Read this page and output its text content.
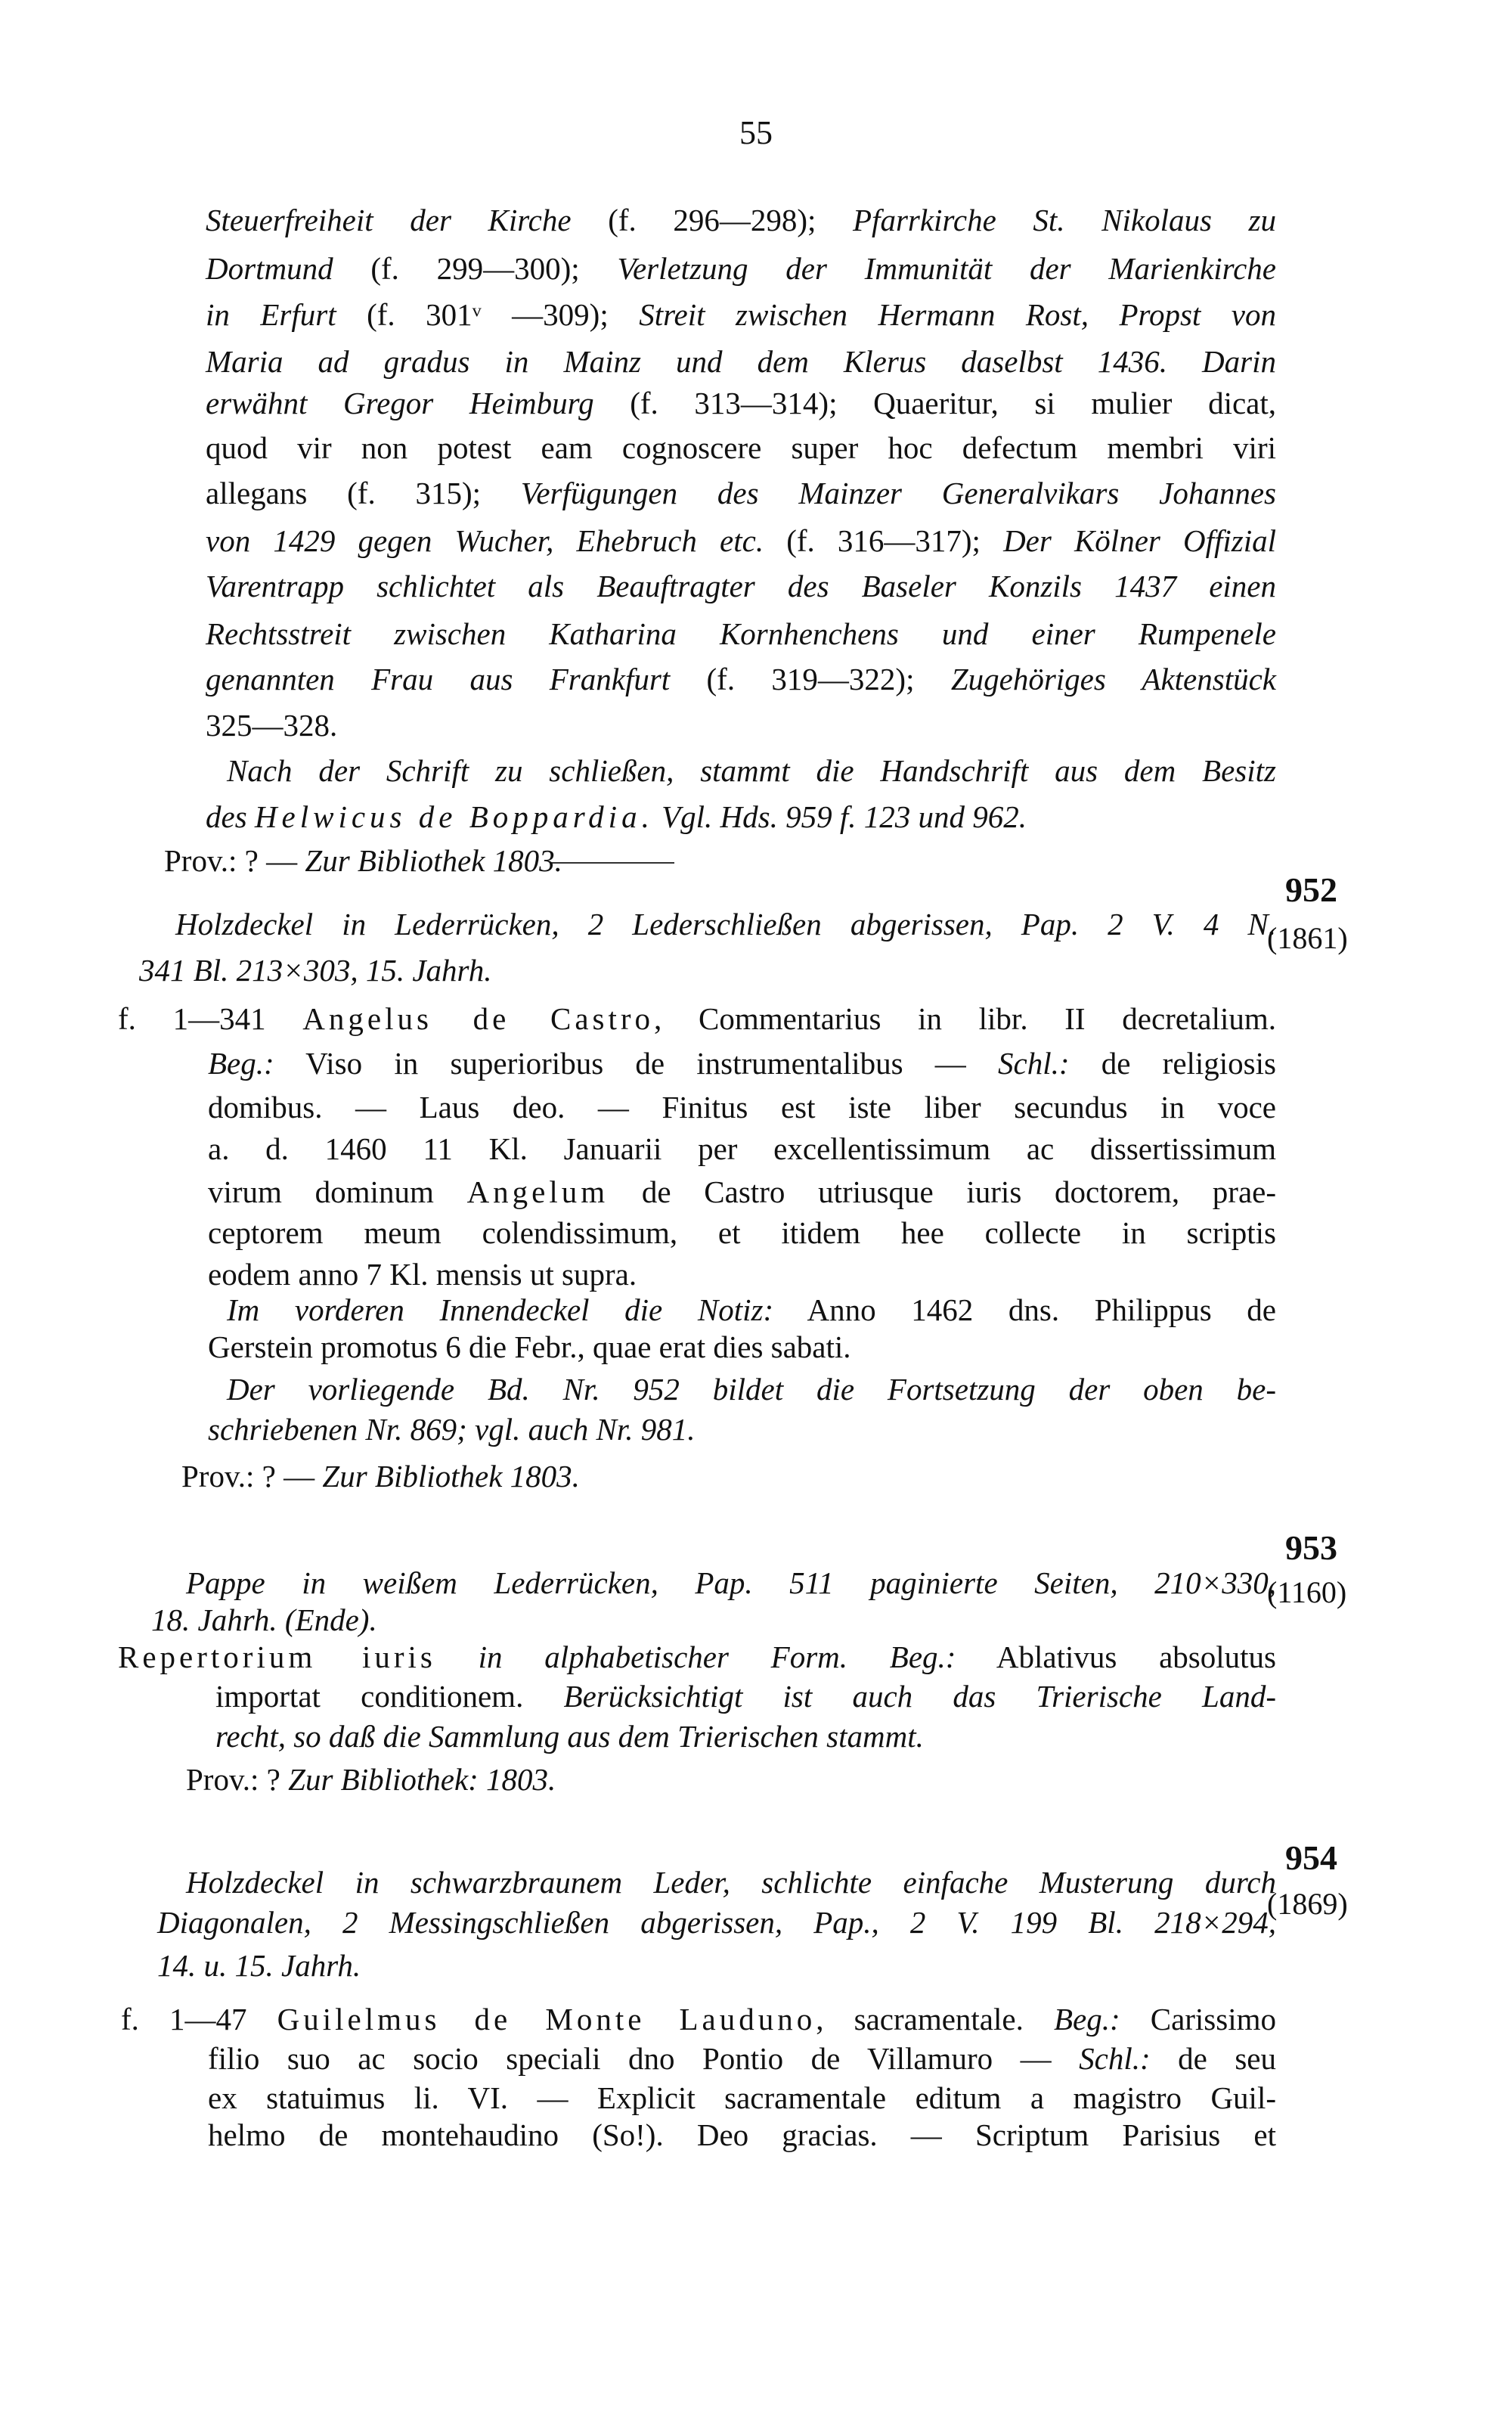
55
Steuerfreiheit der Kirche (f. 296—298); Pfarrkirche St. Nikolaus zu
Dortmund (f. 299—300); Verletzung der Immunität der Marienkirche
in Erfurt (f. 301ᵛ —309); Streit zwischen Hermann Rost, Propst von
Maria ad gradus in Mainz und dem Klerus daselbst 1436. Darin
erwähnt Gregor Heimburg (f. 313—314); Quaeritur, si mulier dicat,
quod vir non potest eam cognoscere super hoc defectum membri viri
allegans (f. 315); Verfügungen des Mainzer Generalvikars Johannes
von 1429 gegen Wucher, Ehebruch etc. (f. 316—317); Der Kölner Offizial
Varentrapp schlichtet als Beauftragter des Baseler Konzils 1437 einen
Rechtsstreit zwischen Katharina Kornhenchens und einer Rumpenele
genannten Frau aus Frankfurt (f. 319—322); Zugehöriges Aktenstück
325—328.
Nach der Schrift zu schließen, stammt die Handschrift aus dem Besitz
des Helwicus de Boppardia. Vgl. Hds. 959 f. 123 und 962.
Prov.: ? — Zur Bibliothek 1803.
Holzdeckel in Lederrücken, 2 Lederschließen abgerissen, Pap. 2 V. 4 N.
341 Bl. 213×303, 15. Jahrh.
f. 1—341 Angelus de Castro, Commentarius in libr. II decretalium.
Beg.: Viso in superioribus de instrumentalibus — Schl.: de religiosis
domibus. — Laus deo. — Finitus est iste liber secundus in voce
a. d. 1460 11 Kl. Januarii per excellentissimum ac dissertissimum
virum dominum Angelum de Castro utriusque iuris doctorem, prae-
ceptorem meum colendissimum, et itidem hee collecte in scriptis
eodem anno 7 Kl. mensis ut supra.
Im vorderen Innendeckel die Notiz: Anno 1462 dns. Philippus de
Gerstein promotus 6 die Febr., quae erat dies sabati.
Der vorliegende Bd. Nr. 952 bildet die Fortsetzung der oben be-
schriebenen Nr. 869; vgl. auch Nr. 981.
Prov.: ? — Zur Bibliothek 1803.
952
(1861)
Pappe in weißem Lederrücken, Pap. 511 paginierte Seiten, 210×330,
18. Jahrh. (Ende).
Repertorium iuris in alphabetischer Form. Beg.: Ablativus absolutus
importat conditionem. Berücksichtigt ist auch das Trierische Land-
recht, so daß die Sammlung aus dem Trierischen stammt.
Prov.: ? Zur Bibliothek: 1803.
953
(1160)
Holzdeckel in schwarzbraunem Leder, schlichte einfache Musterung durch
Diagonalen, 2 Messingschließen abgerissen, Pap., 2 V. 199 Bl. 218×294,
14. u. 15. Jahrh.
f. 1—47 Guilelmus de Monte Lauduno, sacramentale. Beg.: Carissimo
filio suo ac socio speciali dno Pontio de Villamuro — Schl.: de seu
ex statuimus li. VI. — Explicit sacramentale editum a magistro Guil-
helmo de montehaudino (So!). Deo gracias. — Scriptum Parisius et
954
(1869)
